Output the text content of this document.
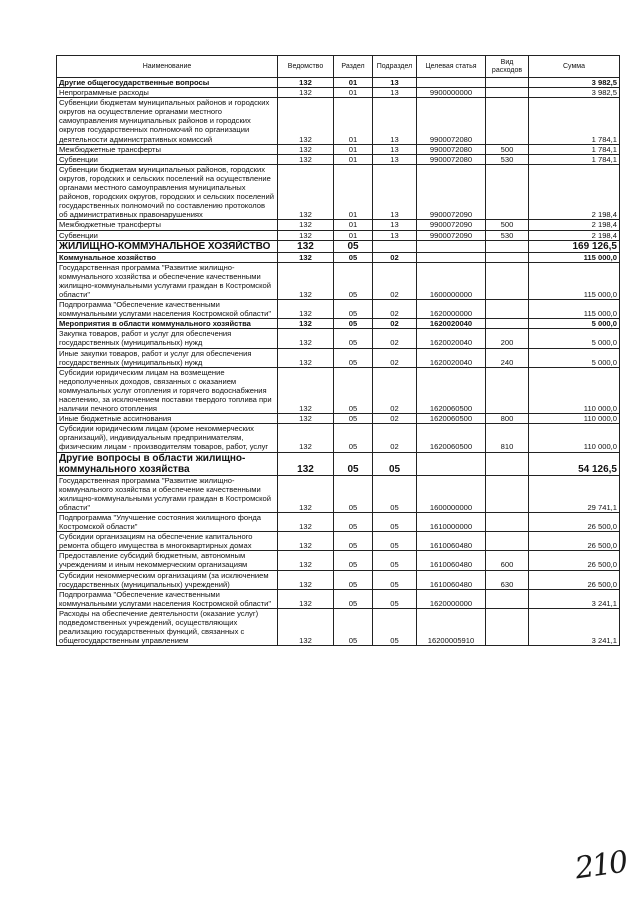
Наименование	Ведомство	Раздел	Подраздел	Целевая статья	Вид расходов	Сумма
Другие общегосударственные вопросы	132	01	13			3 982,5
Непрограммные расходы	132	01	13	9900000000		3 982,5
Субвенции бюджетам муниципальных районов и городских округов на осуществление органами местного самоуправления муниципальных районов и городских округов государственных полномочий по организации деятельности административных комиссий	132	01	13	9900072080		1 784,1
Межбюджетные трансферты	132	01	13	9900072080	500	1 784,1
Субвенции	132	01	13	9900072080	530	1 784,1
Субвенции бюджетам муниципальных районов, городских округов, городских и сельских поселений на осуществление органами местного самоуправления муниципальных районов, городских округов, городских и сельских поселений государственных полномочий по составлению протоколов об административных правонарушениях	132	01	13	9900072090		2 198,4
Межбюджетные трансферты	132	01	13	9900072090	500	2 198,4
Субвенции	132	01	13	9900072090	530	2 198,4
ЖИЛИЩНО-КОММУНАЛЬНОЕ ХОЗЯЙСТВО	132	05				169 126,5
Коммунальное хозяйство	132	05	02			115 000,0
Государственная программа "Развитие жилищно-коммунального хозяйства и обеспечение качественными жилищно-коммунальными услугами граждан в Костромской области"	132	05	02	1600000000		115 000,0
Подпрограмма "Обеспечение качественными коммунальными услугами населения Костромской области"	132	05	02	1620000000		115 000,0
Мероприятия в области коммунального хозяйства	132	05	02	1620020040		5 000,0
Закупка товаров, работ и услуг для обеспечения государственных (муниципальных) нужд	132	05	02	1620020040	200	5 000,0
Иные закупки товаров, работ и услуг для обеспечения государственных (муниципальных) нужд	132	05	02	1620020040	240	5 000,0
Субсидии юридическим лицам на возмещение недополученных доходов, связанных с оказанием коммунальных услуг отопления и горячего водоснабжения населению, за исключением поставки твердого топлива при наличии печного отопления	132	05	02	1620060500		110 000,0
Иные бюджетные ассигнования	132	05	02	1620060500	800	110 000,0
Субсидии юридическим лицам (кроме некоммерческих организаций), индивидуальным предпринимателям, физическим лицам - производителям товаров, работ, услуг	132	05	02	1620060500	810	110 000,0
Другие вопросы в области жилищно-коммунального хозяйства	132	05	05			54 126,5
Государственная программа "Развитие жилищно-коммунального хозяйства и обеспечение качественными жилищно-коммунальными услугами граждан в Костромской области"	132	05	05	1600000000		29 741,1
Подпрограмма "Улучшение состояния жилищного фонда Костромской области"	132	05	05	1610000000		26 500,0
Субсидии организациям на обеспечение капитального ремонта общего имущества в многоквартирных домах	132	05	05	1610060480		26 500,0
Предоставление субсидий бюджетным, автономным учреждениям и иным некоммерческим организациям	132	05	05	1610060480	600	26 500,0
Субсидии некоммерческим организациям (за исключением государственных (муниципальных) учреждений)	132	05	05	1610060480	630	26 500,0
Подпрограмма "Обеспечение качественными коммунальными услугами населения Костромской области"	132	05	05	1620000000		3 241,1
Расходы на обеспечение деятельности (оказание услуг) подведомственных учреждений, осуществляющих реализацию государственных функций, связанных с общегосударственным управлением	132	05	05	16200005910		3 241,1
210
